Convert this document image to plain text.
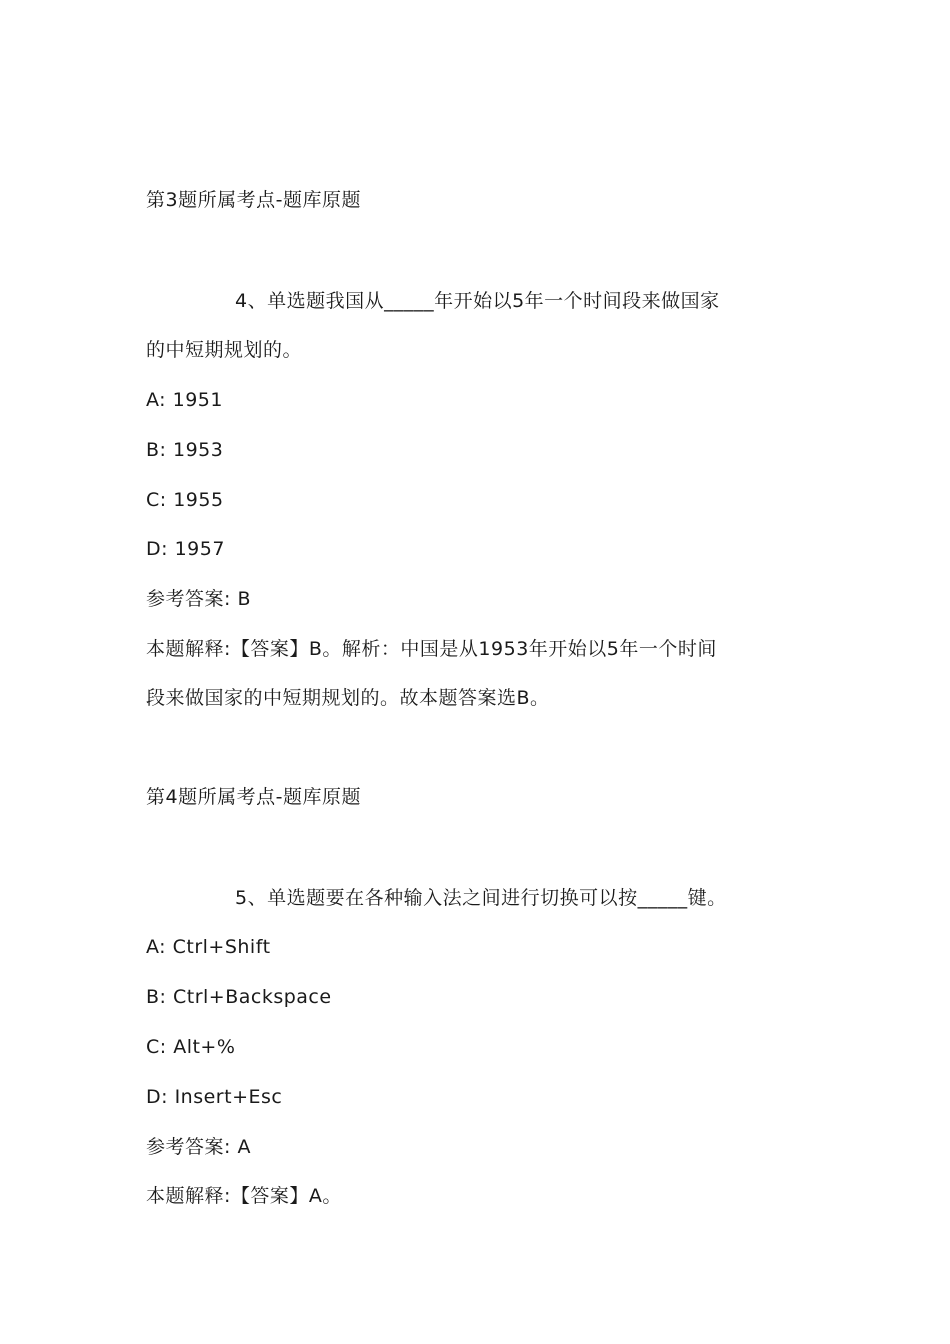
第3题所属考点-题库原题
4、单选题我国从_____年开始以5年一个时间段来做国家
的中短期规划的。
A: 1951
B: 1953
C: 1955
D: 1957
参考答案: B
本题解释:【答案】B。解析：中国是从1953年开始以5年一个时间
段来做国家的中短期规划的。故本题答案选B。
第4题所属考点-题库原题
5、单选题要在各种输入法之间进行切换可以按_____键。
A: Ctrl+Shift
B: Ctrl+Backspace
C: Alt+%
D: Insert+Esc
参考答案: A
本题解释:【答案】A。
